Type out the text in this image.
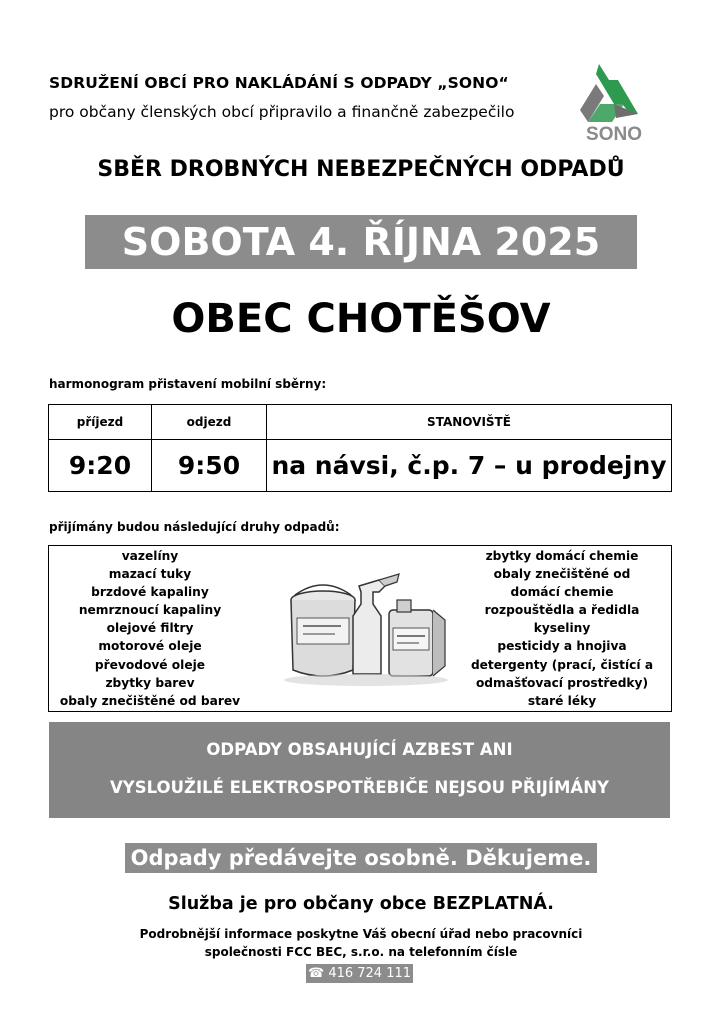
SDRUŽENÍ OBCÍ PRO NAKLÁDÁNÍ S ODPADY „SONO“
pro občany členských obcí připravilo a finančně zabezpečilo
SONO
SBĚR DROBNÝCH NEBEZPEČNÝCH ODPADŮ
SOBOTA 4. ŘÍJNA 2025
OBEC CHOTĚŠOV
harmonogram přistavení mobilní sběrny:
příjezd	odjezd	STANOVIŠTĚ
9:20	9:50	na návsi, č.p. 7 – u prodejny
přijímány budou následující druhy odpadů:
vazelíny
mazací tuky
brzdové kapaliny
nemrznoucí kapaliny
olejové filtry
motorové oleje
převodové oleje
zbytky barev
obaly znečištěné od barev
zbytky domácí chemie
obaly znečištěné od
domácí chemie
rozpouštědla a ředidla
kyseliny
pesticidy a hnojiva
detergenty (prací, čistící a
odmašťovací prostředky)
staré léky
ODPADY OBSAHUJÍCÍ AZBEST ANI
VYSLOUŽILÉ ELEKTROSPOTŘEBIČE NEJSOU PŘIJÍMÁNY
Odpady předávejte osobně. Děkujeme.
Služba je pro občany obce BEZPLATNÁ.
Podrobnější informace poskytne Váš obecní úřad nebo pracovníci
společnosti FCC BEC, s.r.o. na telefonním čísle
☎ 416 724 111
